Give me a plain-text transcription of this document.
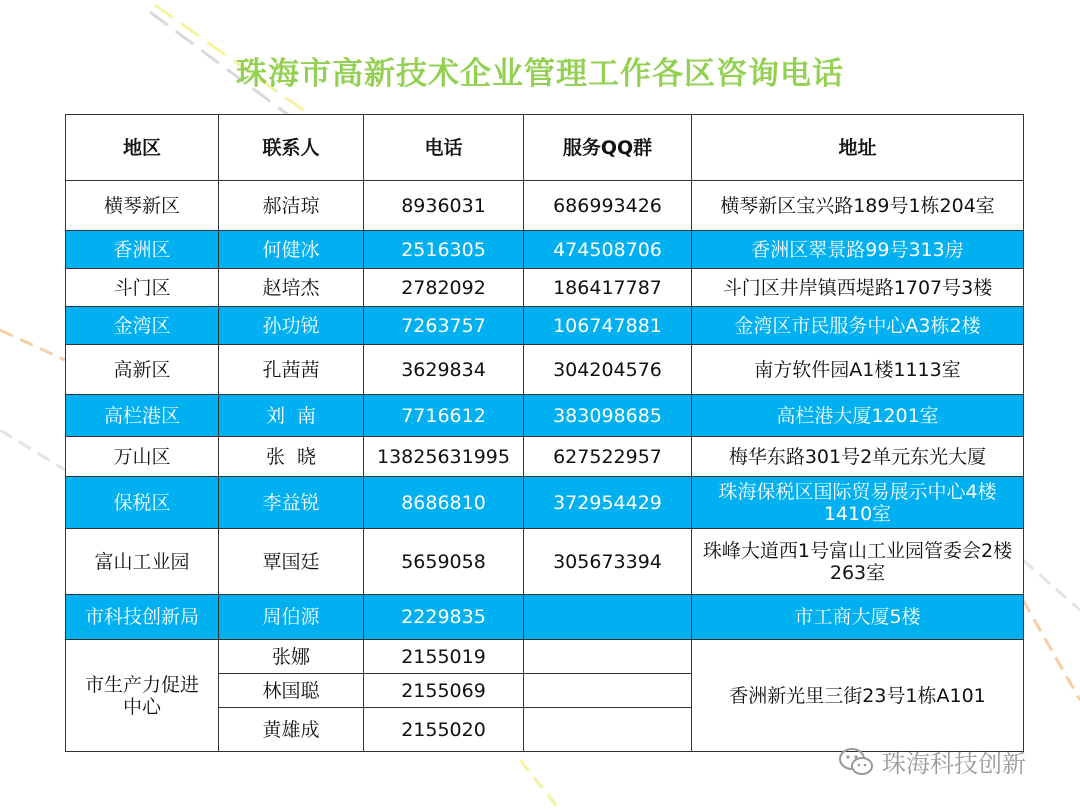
珠海市高新技术企业管理工作各区咨询电话
地区	联系人	电话	服务QQ群	地址
横琴新区	郝洁琼	8936031	686993426	横琴新区宝兴路189号1栋204室
香洲区	何健冰	2516305	474508706	香洲区翠景路99号313房
斗门区	赵培杰	2782092	186417787	斗门区井岸镇西堤路1707号3楼
金湾区	孙功锐	7263757	106747881	金湾区市民服务中心A3栋2楼
高新区	孔茜茜	3629834	304204576	南方软件园A1楼1113室
高栏港区	刘  南	7716612	383098685	高栏港大厦1201室
万山区	张  晓	13825631995	627522957	梅华东路301号2单元东光大厦
保税区	李益锐	8686810	372954429	珠海保税区国际贸易展示中心4楼1410室
富山工业园	覃国廷	5659058	305673394	珠峰大道西1号富山工业园管委会2楼263室
市科技创新局	周伯源	2229835		市工商大厦5楼
市生产力促进中心	张娜	2155019		香洲新光里三街23号1栋A101
	林国聪	2155069		
	黄雄成	2155020		
珠海科技创新
